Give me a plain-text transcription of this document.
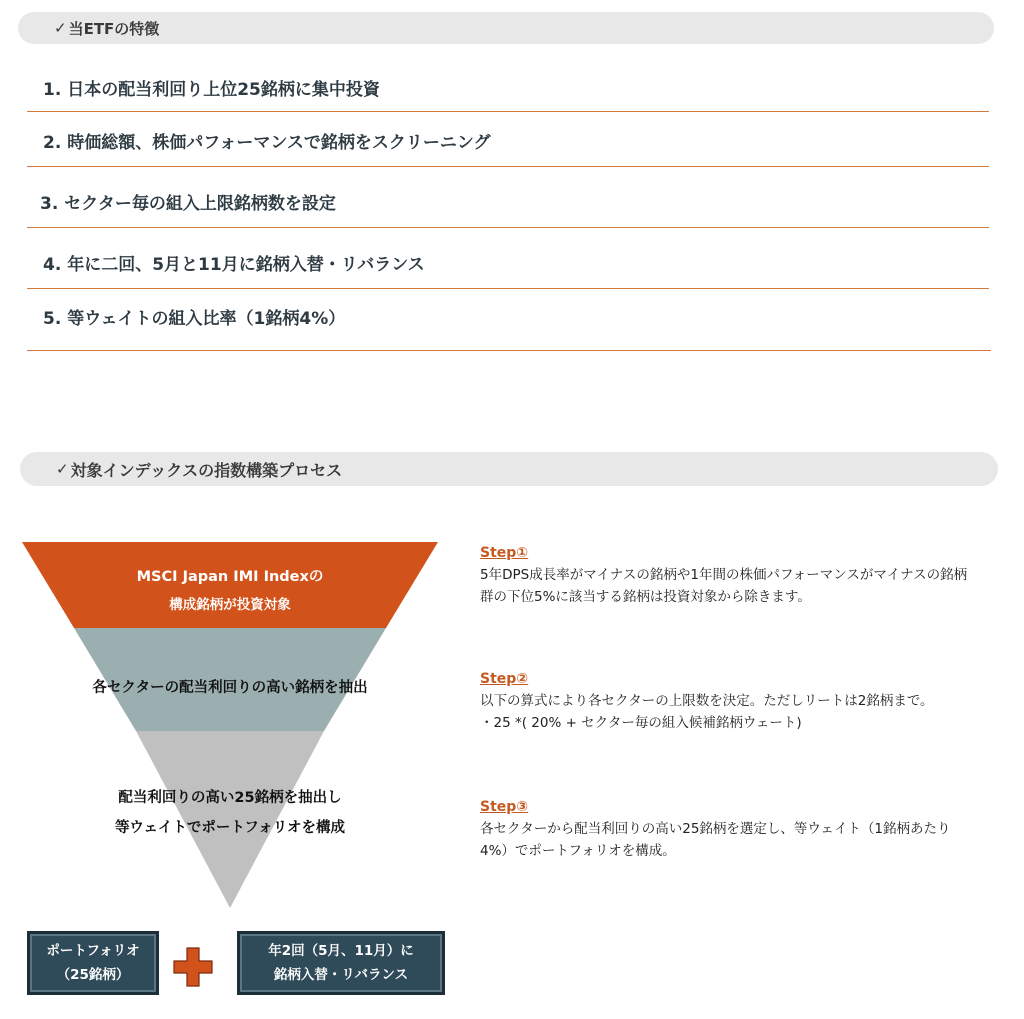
✓ 当ETFの特徴
1. 日本の配当利回り上位25銘柄に集中投資
2. 時価総額、株価パフォーマンスで銘柄をスクリーニング
3. セクター毎の組入上限銘柄数を設定
4. 年に二回、5月と11月に銘柄入替・リバランス
5. 等ウェイトの組入比率（1銘柄4%）
✓ 対象インデックスの指数構築プロセス
MSCI Japan IMI Indexの
構成銘柄が投資対象
各セクターの配当利回りの高い銘柄を抽出
配当利回りの高い25銘柄を抽出し
等ウェイトでポートフォリオを構成
Step①
5年DPS成長率がマイナスの銘柄や1年間の株価パフォーマンスがマイナスの銘柄
群の下位5%に該当する銘柄は投資対象から除きます。
Step②
以下の算式により各セクターの上限数を決定。ただしリートは2銘柄まで。
・25 *( 20% + セクター毎の組入候補銘柄ウェート)
Step③
各セクターから配当利回りの高い25銘柄を選定し、等ウェイト（1銘柄あたり
4%）でポートフォリオを構成。
ポートフォリオ
（25銘柄）
年2回（5月、11月）に
銘柄入替・リバランス
